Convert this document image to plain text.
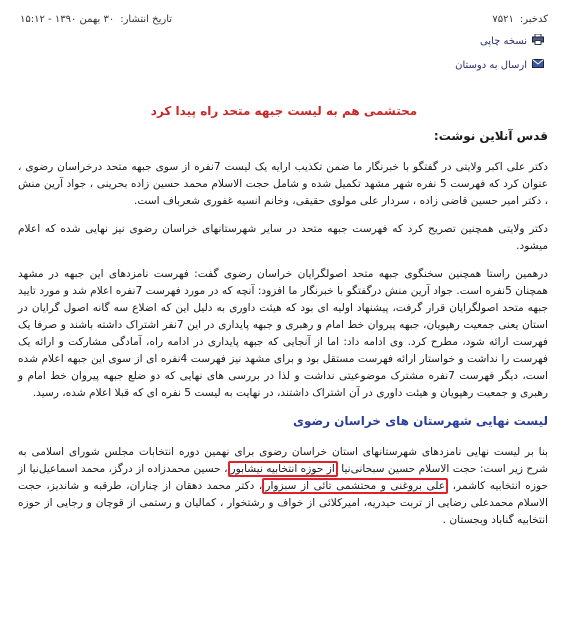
کدخبر:
۷۵۲۱
تاریخ انتشار:
۳۰ بهمن ۱۳۹۰ - ۱۵:۱۲
نسخه چاپی
ارسال به دوستان
محتشمی هم به لیست جبهه متحد راه پیدا کرد
قدس آنلاین نوشت:

دکتر علی اکبر ولایتی در گفتگو با خبرنگار ما ضمن تکذیب ارایه یک لیست 7نفره از سوی جبهه متحد درخراسان رضوی ، عنوان کرد که فهرست 5 نفره شهر مشهد تکمیل شده و شامل حجت الاسلام محمد حسین زاده بحرینی ، جواد آرین منش ، دکتر امیر حسین قاضی زاده ، سردار علی مولوی حقیقی، وخانم انسیه غفوری شعرباف است.

دکتر ولایتی همچنین تصریح کرد که فهرست جبهه متحد در سایر شهرستانهای خراسان رضوی نیز نهایی شده که اعلام میشود.

درهمین راستا همچنین سخنگوی جبهه متحد اصولگرایان خراسان رضوی گفت: فهرست نامزدهای این جبهه در مشهد همچنان 5نفره است. جواد آرین منش درگفتگو با خبرنگار ما افزود: آنچه که در مورد فهرست 7نفره اعلام شد و مورد تایید جبهه متحد اصولگرایان قرار گرفت، پیشنهاد اولیه ای بود که هیئت داوری به دلیل این که اضلاع سه گانه اصول گرایان در استان یعنی جمعیت رهپویان، جبهه پیروان خط امام و رهبری و جبهه پایداری در این 7نفر اشتراک داشته باشند و صرفا یک فهرست ارائه شود، مطرح کرد. وی ادامه داد: اما از آنجایی که جبهه پایداری در ادامه راه، آمادگی مشارکت و ارائه یک فهرست را نداشت و خواستار ارائه فهرست مستقل بود و برای مشهد نیز فهرست 4نفره ای از سوی این جبهه اعلام شده است، دیگر فهرست 7نفره مشترک موضوعیتی نداشت و لذا در بررسی های نهایی که دو ضلع جبهه پیروان خط امام و رهبری و جمعیت رهپویان و هیئت داوری در آن اشتراک داشتند، در نهایت به لیست 5 نفره ای که قبلا اعلام شده، رسید.

لیست نهایی شهرستان های خراسان رضوی

بنا بر لیست نهایی نامزدهای شهرستانهای استان خراسان رضوی برای نهمین دوره انتخابات مجلس شورای اسلامی به شرح زیر است: حجت الاسلام حسین سبحانی‌نیا از حوزه انتخابیه نیشابور، حسین محمدزاده از درگز، محمد اسماعیل‌نیا از حوزه انتخابیه کاشمر، علی بروغنی و محتشمی تائی از سبزوار، دکتر محمد دهقان از چناران، طرقبه و شاندیز، حجت الاسلام محمدعلی رضایی از تربت حیدریه، امیرکلائی از خواف و رشتخوار ، کمالیان و رستمی از قوچان و رجایی از حوزه انتخابیه گناباد وبجستان .
